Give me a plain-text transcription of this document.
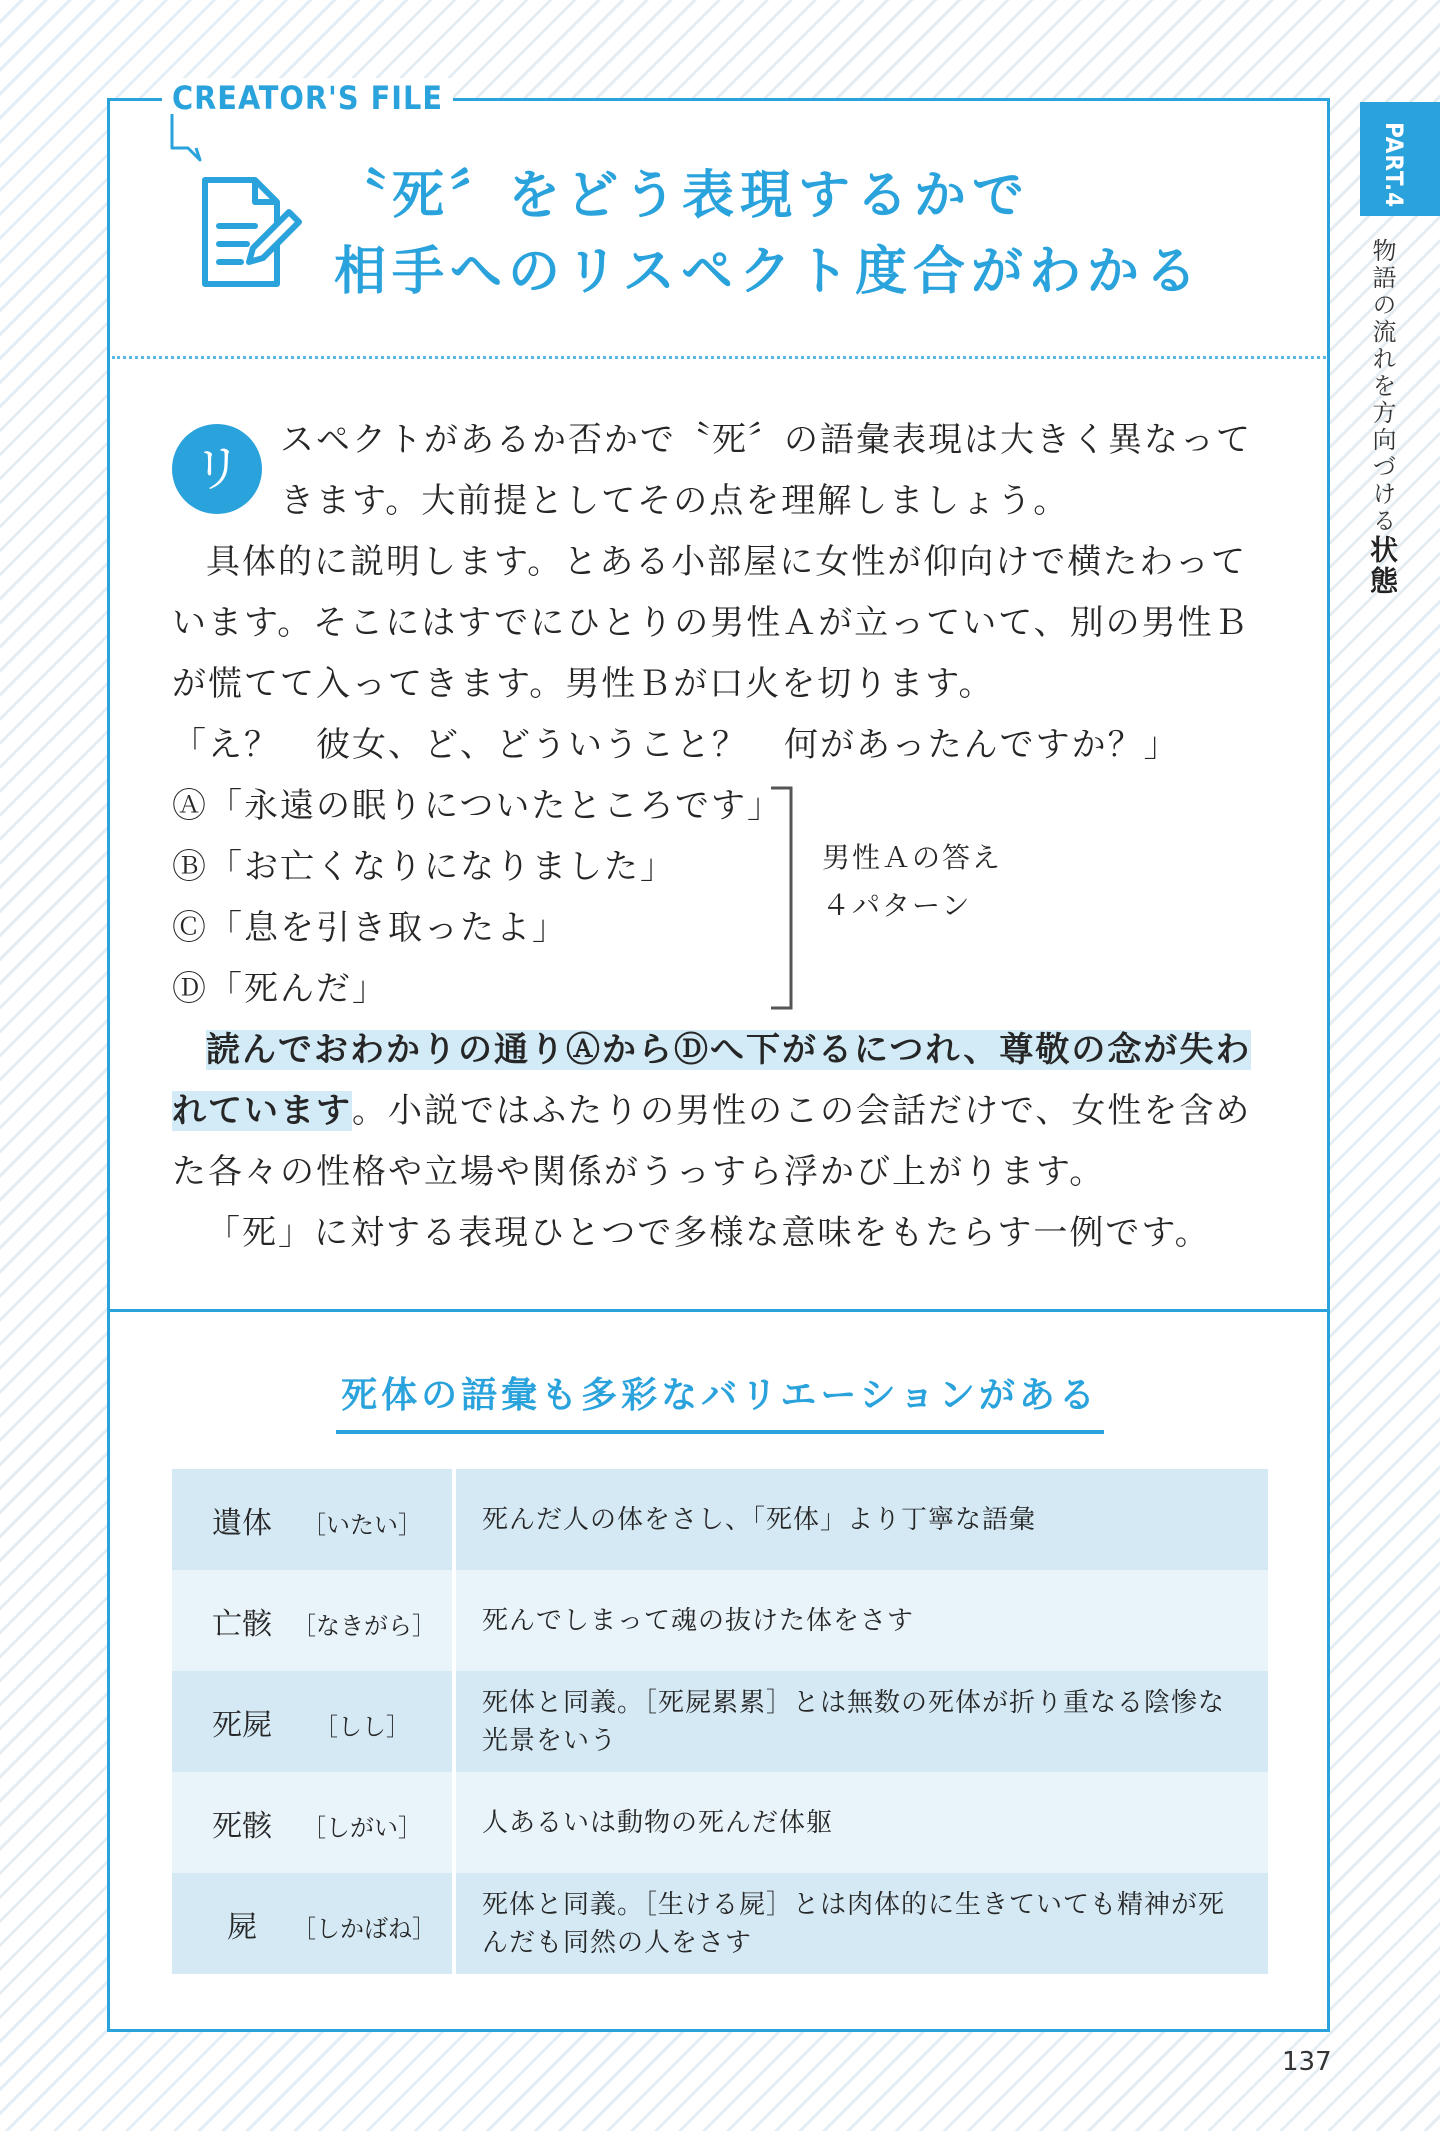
CREATOR'S FILE
〝死〞をどう表現するかで
相手へのリスペクト度合がわかる

リ	スペクトがあるか否かで〝死〞の語彙表現は大きく異なってきます。大前提としてその点を理解しましょう。

具体的に説明します。とある小部屋に女性が仰向けで横たわっています。そこにはすでにひとりの男性Ａが立っていて、別の男性Ｂが慌てて入ってきます。男性Ｂが口火を切ります。

「え？　彼女、ど、どういうこと？　何があったんですか？」

Ⓐ「永遠の眠りについたところです」

Ⓑ「お亡くなりになりました」

Ⓒ「息を引き取ったよ」

Ⓓ「死んだ」

男性Ａの答え
４パターン

読んでおわかりの通りⒶからⒹへ下がるにつれ、尊敬の念が失われています。小説ではふたりの男性のこの会話だけで、女性を含めた各々の性格や立場や関係がうっすら浮かび上がります。

「死」に対する表現ひとつで多様な意味をもたらす一例です。

死体の語彙も多彩なバリエーションがある
遺体 ［いたい］	死んだ人の体をさし、「死体」より丁寧な語彙
亡骸 ［なきがら］	死んでしまって魂の抜けた体をさす
死屍 ［しし］	死体と同義。［死屍累累］とは無数の死体が折り重なる陰惨な光景をいう
死骸 ［しがい］	人あるいは動物の死んだ体躯
屍 ［しかばね］	死体と同義。［生ける屍］とは肉体的に生きていても精神が死んだも同然の人をさす
PART.4
物語の流れを方向づける状態
137
